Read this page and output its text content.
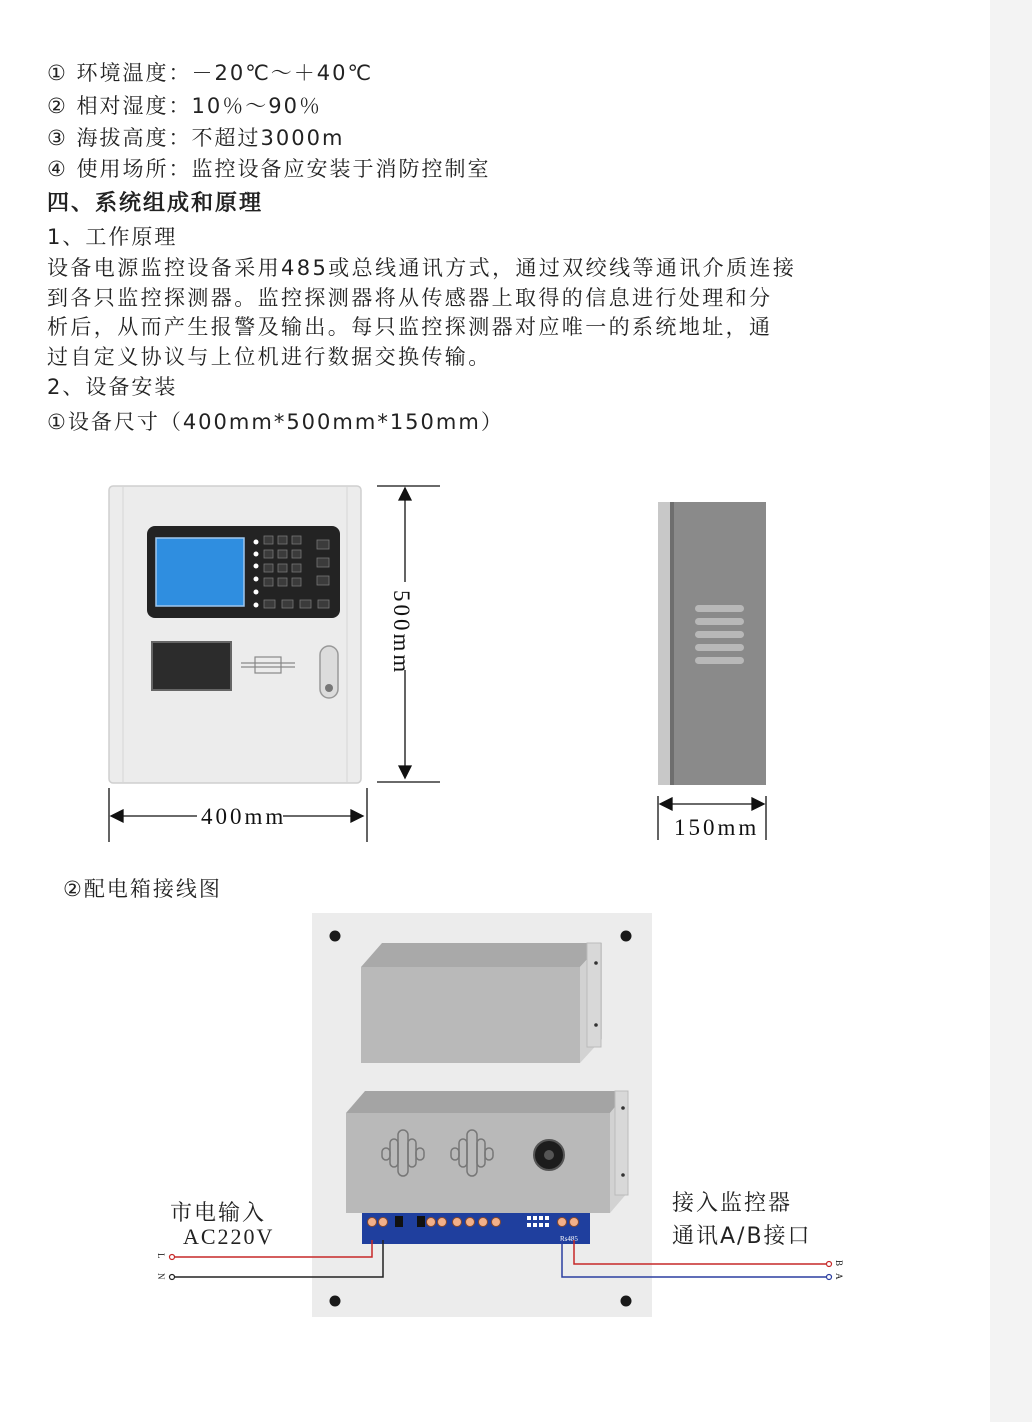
① 环境温度：－20℃～＋40℃
② 相对湿度：10％～90％
③ 海拔高度：不超过3000m
④ 使用场所：监控设备应安装于消防控制室
四、系统组成和原理
1、工作原理
设备电源监控设备采用485或总线通讯方式，通过双绞线等通讯介质连接
到各只监控探测器。监控探测器将从传感器上取得的信息进行处理和分
析后，从而产生报警及输出。每只监控探测器对应唯一的系统地址，通
过自定义协议与上位机进行数据交换传输。
2、设备安装
①设备尺寸（400mm*500mm*150mm）
500mm
400mm	150mm
②配电箱接线图
Rs485
L
N
B
A
市电输入
AC220V
接入监控器
通讯A/B接口
